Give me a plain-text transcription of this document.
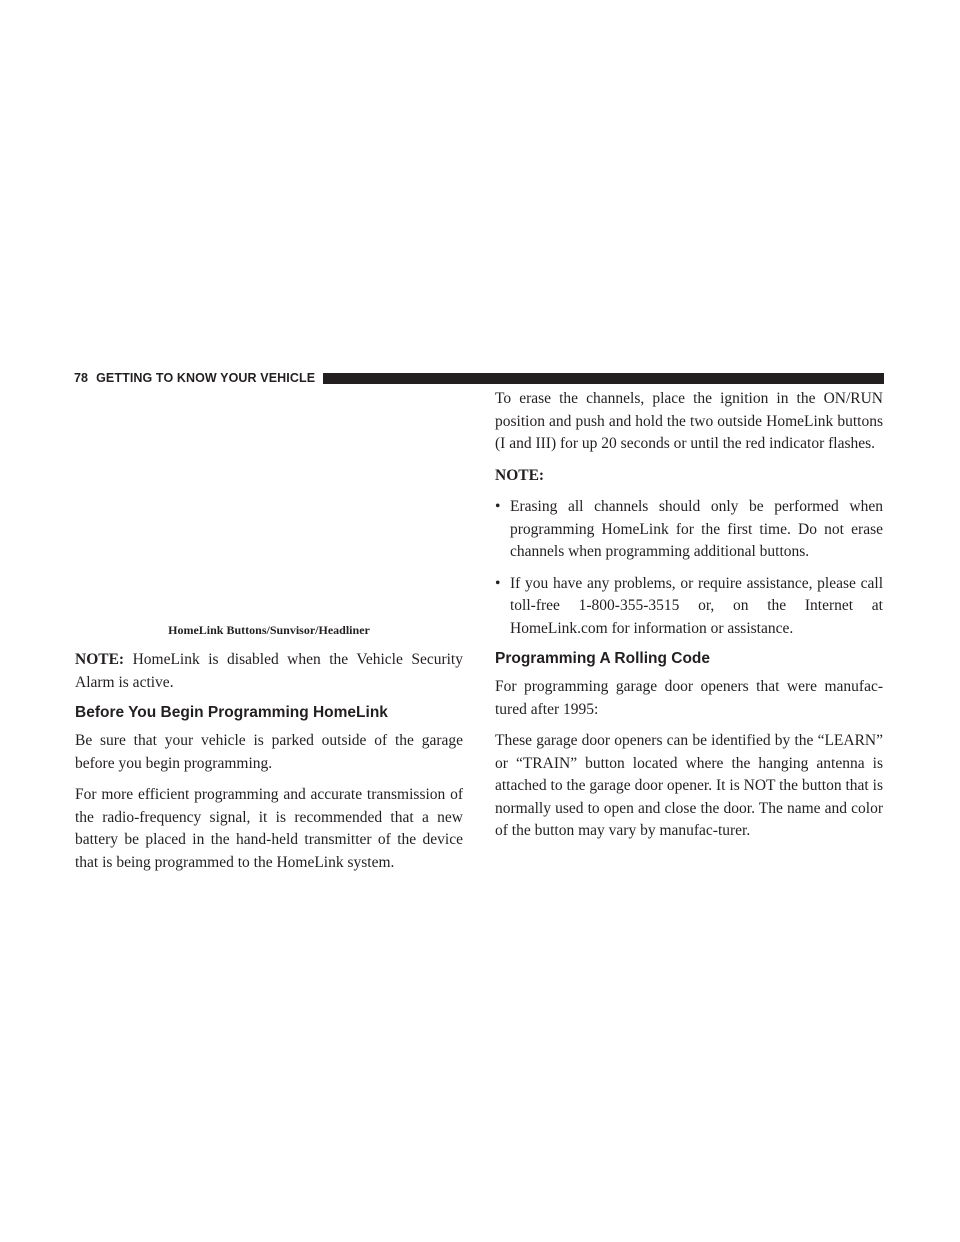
78 GETTING TO KNOW YOUR VEHICLE
HomeLink Buttons/Sunvisor/Headliner

NOTE: HomeLink is disabled when the Vehicle Security Alarm is active.

Before You Begin Programming HomeLink

Be sure that your vehicle is parked outside of the garage before you begin programming.

For more efficient programming and accurate transmission of the radio-frequency signal, it is recommended that a new battery be placed in the hand-held transmitter of the device that is being programmed to the HomeLink system.

To erase the channels, place the ignition in the ON/RUN position and push and hold the two outside HomeLink buttons (I and III) for up 20 seconds or until the red indicator flashes.

NOTE:

• Erasing all channels should only be performed when programming HomeLink for the first time. Do not erase channels when programming additional buttons.
• If you have any problems, or require assistance, please call toll-free 1-800-355-3515 or, on the Internet at HomeLink.com for information or assistance.
Programming A Rolling Code

For programming garage door openers that were manufac-tured after 1995:

These garage door openers can be identified by the “LEARN” or “TRAIN” button located where the hanging antenna is attached to the garage door opener. It is NOT the button that is normally used to open and close the door. The name and color of the button may vary by manufac-turer.
